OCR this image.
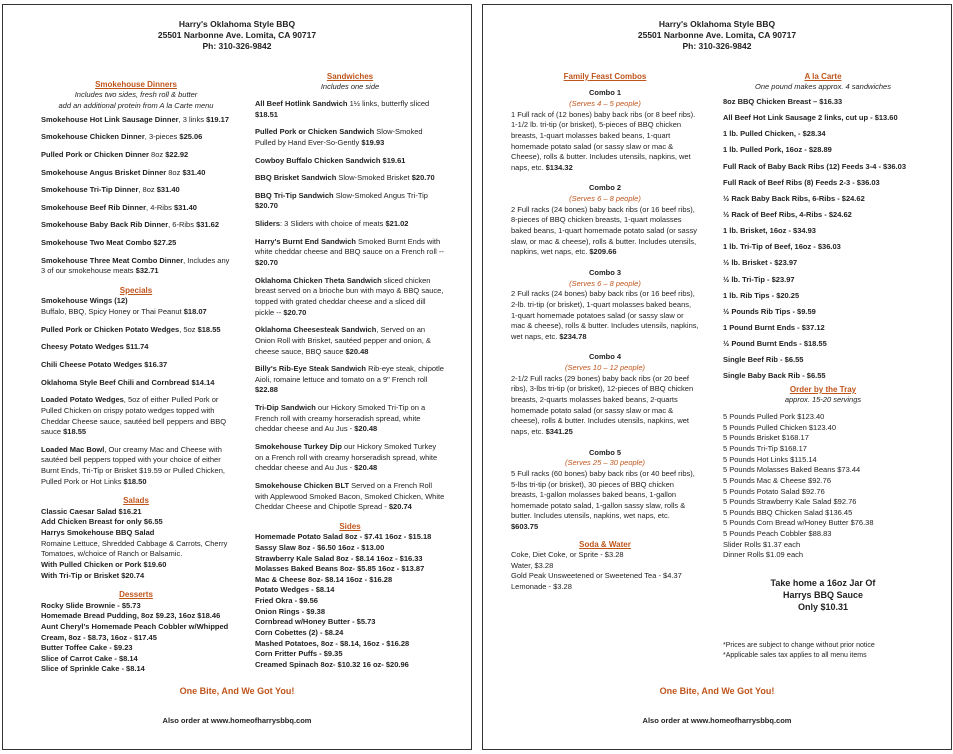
Harry's Oklahoma Style BBQ
25501 Narbonne Ave. Lomita, CA 90717
Ph: 310-326-9842
Smokehouse Dinners
Includes two sides, fresh roll & butter
add an additional protein from A la Carte menu
Smokehouse Hot Link Sausage Dinner, 3 links $19.17
Smokehouse Chicken Dinner, 3-pieces $25.06
Pulled Pork or Chicken Dinner 8oz $22.92
Smokehouse Angus Brisket Dinner 8oz $31.40
Smokehouse Tri-Tip Dinner, 8oz $31.40
Smokehouse Beef Rib Dinner, 4-Ribs $31.40
Smokehouse Baby Back Rib Dinner, 6-Ribs $31.62
Smokehouse Two Meat Combo $27.25
Smokehouse Three Meat Combo Dinner, Includes any 3 of our smokehouse meats $32.71
Specials
Smokehouse Wings (12)
Buffalo, BBQ, Spicy Honey or Thai Peanut $18.07
Pulled Pork or Chicken Potato Wedges, 5oz $18.55
Cheesy Potato Wedges $11.74
Chili Cheese Potato Wedges $16.37
Oklahoma Style Beef Chili and Cornbread $14.14
Loaded Potato Wedges, 5oz of either Pulled Pork or Pulled Chicken on crispy potato wedges topped with Cheddar Cheese sauce, sautéed bell peppers and BBQ sauce $18.55
Loaded Mac Bowl, Our creamy Mac and Cheese with sautéed bell peppers topped with your choice of either Burnt Ends, Tri-Tip or Brisket $19.59 or Pulled Chicken, Pulled Pork or Hot Links $18.50
Salads
Classic Caesar Salad $16.21
Add Chicken Breast for only $6.55
Harrys Smokehouse BBQ Salad
Romaine Lettuce, Shredded Cabbage & Carrots, Cherry Tomatoes, w/choice of Ranch or Balsamic.
With Pulled Chicken or Pork $19.60
With Tri-Tip or Brisket $20.74
Desserts
Rocky Slide Brownie - $5.73
Homemade Bread Pudding, 8oz $9.23, 16oz $18.46
Aunt Cheryl's Homemade Peach Cobbler w/Whipped Cream, 8oz - $8.73, 16oz - $17.45
Butter Toffee Cake - $9.23
Slice of Carrot Cake - $8.14
Slice of Sprinkle Cake - $8.14
Sandwiches
Includes one side
All Beef Hotlink Sandwich 1½ links, butterfly sliced $18.51
Pulled Pork or Chicken Sandwich Slow-Smoked Pulled by Hand Ever-So-Gently $19.93
Cowboy Buffalo Chicken Sandwich $19.61
BBQ Brisket Sandwich Slow-Smoked Brisket $20.70
BBQ Tri-Tip Sandwich Slow-Smoked Angus Tri-Tip $20.70
Sliders: 3 Sliders with choice of meats $21.02
Harry's Burnt End Sandwich Smoked Burnt Ends with white cheddar cheese and BBQ sauce on a French roll -- $20.70
Oklahoma Chicken Theta Sandwich sliced chicken breast served on a brioche bun with mayo & BBQ sauce, topped with grated cheddar cheese and a sliced dill pickle -- $20.70
Oklahoma Cheesesteak Sandwich, Served on an Onion Roll with Brisket, sautéed pepper and onion, & cheese sauce, BBQ sauce $20.48
Billy's Rib-Eye Steak Sandwich Rib-eye steak, chipotle Aioli, romaine lettuce and tomato on a 9" French roll $22.88
Tri-Dip Sandwich our Hickory Smoked Tri-Tip on a French roll with creamy horseradish spread, white cheddar cheese and Au Jus - $20.48
Smokehouse Turkey Dip our Hickory Smoked Turkey on a French roll with creamy horseradish spread, white cheddar cheese and Au Jus - $20.48
Smokehouse Chicken BLT Served on a French Roll with Applewood Smoked Bacon, Smoked Chicken, White Cheddar Cheese and Chipotle Spread - $20.74
Sides
Homemade Potato Salad 8oz - $7.41 16oz - $15.18
Sassy Slaw 8oz - $6.50 16oz - $13.00
Strawberry Kale Salad 8oz - $8.14 16oz - $16.33
Molasses Baked Beans 8oz- $5.85 16oz - $13.87
Mac & Cheese 8oz- $8.14 16oz - $16.28
Potato Wedges - $8.14
Fried Okra - $9.56
Onion Rings - $9.38
Cornbread w/Honey Butter - $5.73
Corn Cobettes (2) - $8.24
Mashed Potatoes, 8oz - $8.14, 16oz - $16.28
Corn Fritter Puffs - $9.35
Creamed Spinach 8oz- $10.32 16 oz- $20.96
One Bite, And We Got You!
Also order at www.homeofharrysbbq.com
Harry's Oklahoma Style BBQ
25501 Narbonne Ave. Lomita, CA 90717
Ph: 310-326-9842
Family Feast Combos
Combo 1
(Serves 4 – 5 people)
1 Full rack of (12 bones) baby back ribs (or 8 beef ribs). 1-1/2 lb. tri-tip (or brisket), 5-pieces of BBQ chicken breasts, 1-quart molasses baked beans, 1-quart homemade potato salad (or sassy slaw or mac & Cheese), rolls & butter. Includes utensils, napkins, wet naps, etc. $134.32
Combo 2
(Serves 6 – 8 people)
2 Full racks (24 bones) baby back ribs (or 16 beef ribs), 8-pieces of BBQ chicken breasts, 1-quart molasses baked beans, 1-quart homemade potato salad (or sassy slaw, or mac & cheese), rolls & butter. Includes utensils, napkins, wet naps, etc. $209.66
Combo 3
(Serves 6 – 8 people)
2 Full racks (24 bones) baby back ribs (or 16 beef ribs), 2-lb. tri-tip (or brisket), 1-quart molasses baked beans, 1-quart homemade potatoes salad (or sassy slaw or mac & cheese), rolls & butter. Includes utensils, napkins, wet naps, etc. $234.78
Combo 4
(Serves 10 – 12 people)
2-1/2 Full racks (29 bones) baby back ribs (or 20 beef ribs), 3-lbs tri-tip (or brisket), 12-pieces of BBQ chicken breasts, 2-quarts molasses baked beans, 2-quarts homemade potato salad (or sassy slaw or mac & cheese), rolls & butter. Includes utensils, napkins, wet naps, etc. $341.25
Combo 5
(Serves 25 – 30 people)
5 Full racks (60 bones) baby back ribs (or 40 beef ribs), 5-lbs tri-tip (or brisket), 30 pieces of BBQ chicken breasts, 1-gallon molasses baked beans, 1-gallon homemade potato salad, 1-gallon sassy slaw, rolls & butter. Includes utensils, napkins, wet naps, etc. $603.75
Soda & Water
Coke, Diet Coke, or Sprite - $3.28
Water, $3.28
Gold Peak Unsweetened or Sweetened Tea - $4.37
Lemonade - $3.28
A la Carte
One pound makes approx. 4 sandwiches
8oz BBQ Chicken Breast – $16.33
All Beef Hot Link Sausage 2 links, cut up - $13.60
1 lb. Pulled Chicken, - $28.34
1 lb. Pulled Pork, 16oz - $28.89
Full Rack of Baby Back Ribs (12) Feeds 3-4 - $36.03
Full Rack of Beef Ribs (8) Feeds 2-3 - $36.03
½ Rack Baby Back Ribs, 6-Ribs - $24.62
½ Rack of Beef Ribs, 4-Ribs - $24.62
1 lb. Brisket, 16oz - $34.93
1 lb. Tri-Tip of Beef, 16oz - $36.03
½ lb. Brisket - $23.97
½ lb. Tri-Tip - $23.97
1 lb. Rib Tips - $20.25
½ Pounds Rib Tips - $9.59
1 Pound Burnt Ends - $37.12
½ Pound Burnt Ends - $18.55
Single Beef Rib - $6.55
Single Baby Back Rib - $6.55
Order by the Tray
approx. 15-20 servings
5 Pounds Pulled Pork $123.40
5 Pounds Pulled Chicken $123.40
5 Pounds Brisket $168.17
5 Pounds Tri-Tip $168.17
5 Pounds Hot Links $115.14
5 Pounds Molasses Baked Beans $73.44
5 Pounds Mac & Cheese $92.76
5 Pounds Potato Salad $92.76
5 Pounds Strawberry Kale Salad $92.76
5 Pounds BBQ Chicken Salad $136.45
5 Pounds Corn Bread w/Honey Butter $76.38
5 Pounds Peach Cobbler $88.83
Slider Rolls $1.37 each
Dinner Rolls $1.09 each
Take home a 16oz Jar Of
Harrys BBQ Sauce
Only $10.31
*Prices are subject to change without prior notice
*Applicable sales tax applies to all menu items
One Bite, And We Got You!
Also order at www.homeofharrysbbq.com
